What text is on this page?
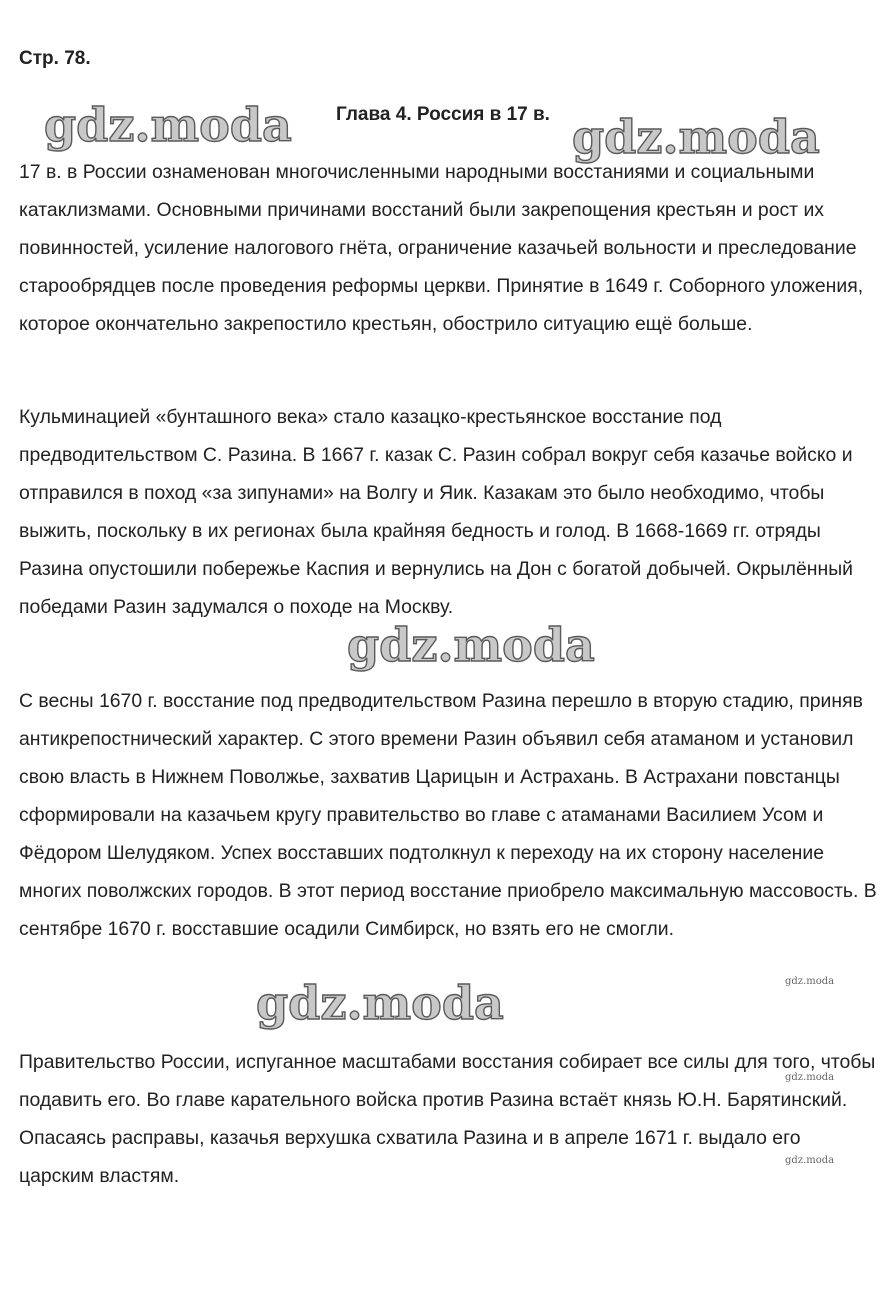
Стр. 78.
Глава 4. Россия в 17 в.

17 в. в России ознаменован многочисленными народными восстаниями и социальными катаклизмами. Основными причинами восстаний были закрепощения крестьян и рост их повинностей, усиление налогового гнёта, ограничение казачьей вольности и преследование старообрядцев после проведения реформы церкви. Принятие в 1649 г. Соборного уложения, которое окончательно закрепостило крестьян, обострило ситуацию ещё больше.

Кульминацией «бунташного века» стало казацко-крестьянское восстание под предводительством С. Разина. В 1667 г. казак С. Разин собрал вокруг себя казачье войско и отправился в поход «за зипунами» на Волгу и Яик. Казакам это было необходимо, чтобы выжить, поскольку в их регионах была крайняя бедность и голод. В 1668-1669 гг. отряды Разина опустошили побережье Каспия и вернулись на Дон с богатой добычей. Окрылённый победами Разин задумался о походе на Москву.

С весны 1670 г. восстание под предводительством Разина перешло в вторую стадию, приняв антикрепостнический характер. С этого времени Разин объявил себя атаманом и установил свою власть в Нижнем Поволжье, захватив Царицын и Астрахань. В Астрахани повстанцы сформировали на казачьем кругу правительство во главе с атаманами Василием Усом и Фёдором Шелудяком. Успех восставших подтолкнул к переходу на их сторону население многих поволжских городов. В этот период восстание приобрело максимальную массовость. В сентябре 1670 г. восставшие осадили Симбирск, но взять его не смогли.

Правительство России, испуганное масштабами восстания собирает все силы для того, чтобы подавить его. Во главе карательного войска против Разина встаёт князь Ю.Н. Барятинский. Опасаясь расправы, казачья верхушка схватила Разина и в апреле 1671 г. выдало его царским властям.

gdz.moda	gdz.moda
gdz.moda
gdz.moda	gdz.moda
gdz.moda
gdz.moda
